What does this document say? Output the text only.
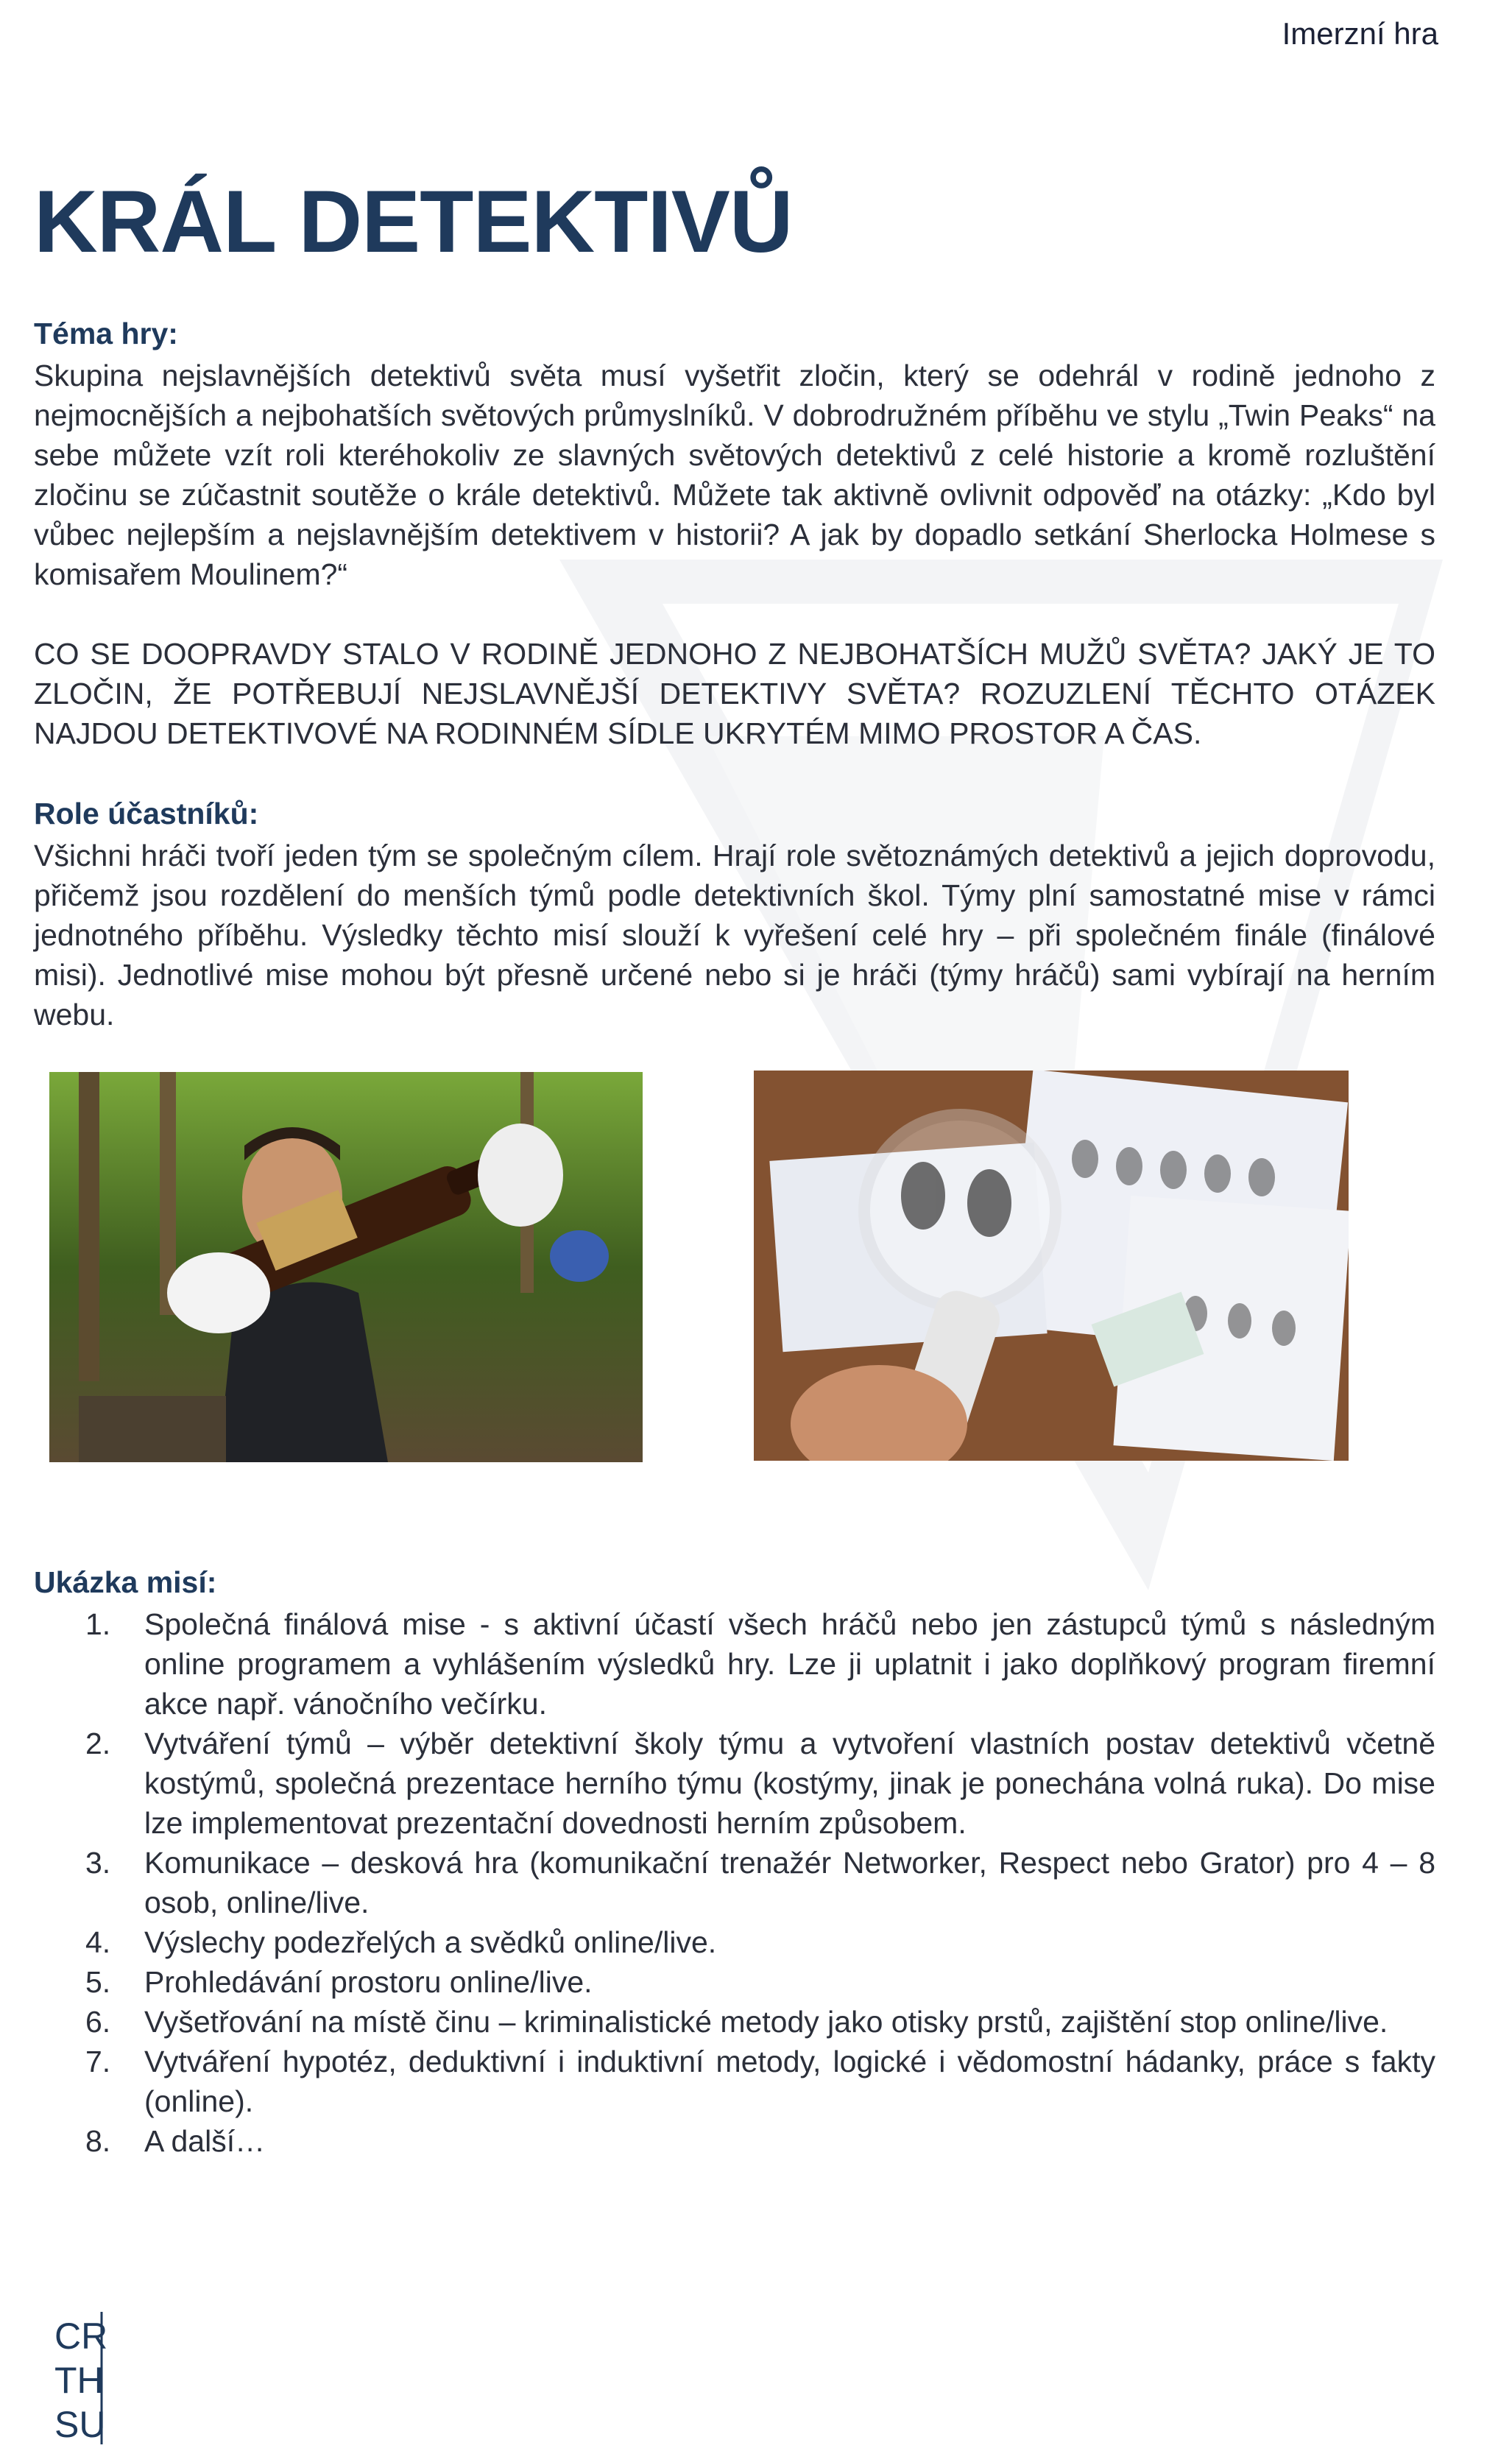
Imerzní hra
KRÁL DETEKTIVŮ
Téma hry:

Skupina nejslavnějších detektivů světa musí vyšetřit zločin, který se odehrál v rodině jednoho z nejmocnějších a nejbohatších světových průmyslníků. V dobrodružném příběhu ve stylu „Twin Peaks“ na sebe můžete vzít roli kteréhokoliv ze slavných světových detektivů z celé historie a kromě rozluštění zločinu se zúčastnit soutěže o krále detektivů. Můžete tak aktivně ovlivnit odpověď na otázky: „Kdo byl vůbec nejlepším a nejslavnějším detektivem v historii? A jak by dopadlo setkání Sherlocka Holmese s komisařem Moulinem?“

CO SE DOOPRAVDY STALO V RODINĚ JEDNOHO Z NEJBOHATŠÍCH MUŽŮ SVĚTA? JAKÝ JE TO ZLOČIN, ŽE POTŘEBUJÍ NEJSLAVNĚJŠÍ DETEKTIVY SVĚTA? ROZUZLENÍ TĚCHTO OTÁZEK NAJDOU DETEKTIVOVÉ NA RODINNÉM SÍDLE UKRYTÉM MIMO PROSTOR A ČAS.

Role účastníků:

Všichni hráči tvoří jeden tým se společným cílem. Hrají role světoznámých detektivů a jejich doprovodu, přičemž jsou rozdělení do menších týmů podle detektivních škol. Týmy plní samostatné mise v rámci jednotného příběhu. Výsledky těchto misí slouží k vyřešení celé hry – při společném finále (finálové misi). Jednotlivé mise mohou být přesně určené nebo si je hráči (týmy hráčů) sami vybírají na herním webu.

Ukázka misí:
1. Společná finálová mise - s aktivní účastí všech hráčů nebo jen zástupců týmů s následným online programem a vyhlášením výsledků hry. Lze ji uplatnit i jako doplňkový program firemní akce např. vánočního večírku.
2. Vytváření týmů – výběr detektivní školy týmu a vytvoření vlastních postav detektivů včetně kostýmů, společná prezentace herního týmu (kostýmy, jinak je ponechána volná ruka). Do mise lze implementovat prezentační dovednosti herním způsobem.
3. Komunikace – desková hra (komunikační trenažér Networker, Respect nebo Grator) pro 4 – 8 osob, online/live.
4. Výslechy podezřelých a svědků online/live.
5. Prohledávání prostoru online/live.
6. Vyšetřování na místě činu – kriminalistické metody jako otisky prstů, zajištění stop online/live.
7. Vytváření hypotéz, deduktivní i induktivní metody, logické i vědomostní hádanky, práce s fakty (online).
8. A další…
CR
TH
SU
